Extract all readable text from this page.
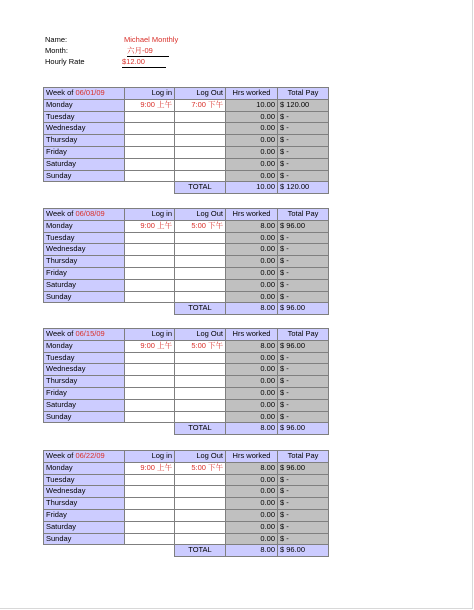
Name:	Michael Monthly
Month:	六月-09
Hourly Rate	$12.00
Week of 06/01/09	Log in	Log Out	Hrs worked	Total Pay
Monday	9:00 上午	7:00 下午	10.00	$ 120.00
Tuesday			0.00	$ -
Wednesday			0.00	$ -
Thursday			0.00	$ -
Friday			0.00	$ -
Saturday			0.00	$ -
Sunday			0.00	$ -
		TOTAL	10.00	$ 120.00
Week of 06/08/09	Log in	Log Out	Hrs worked	Total Pay
Monday	9:00 上午	5:00 下午	8.00	$ 96.00
Tuesday			0.00	$ -
Wednesday			0.00	$ -
Thursday			0.00	$ -
Friday			0.00	$ -
Saturday			0.00	$ -
Sunday			0.00	$ -
		TOTAL	8.00	$ 96.00
Week of 06/15/09	Log in	Log Out	Hrs worked	Total Pay
Monday	9:00 上午	5:00 下午	8.00	$ 96.00
Tuesday			0.00	$ -
Wednesday			0.00	$ -
Thursday			0.00	$ -
Friday			0.00	$ -
Saturday			0.00	$ -
Sunday			0.00	$ -
		TOTAL	8.00	$ 96.00
Week of 06/22/09	Log in	Log Out	Hrs worked	Total Pay
Monday	9:00 上午	5:00 下午	8.00	$ 96.00
Tuesday			0.00	$ -
Wednesday			0.00	$ -
Thursday			0.00	$ -
Friday			0.00	$ -
Saturday			0.00	$ -
Sunday			0.00	$ -
		TOTAL	8.00	$ 96.00
